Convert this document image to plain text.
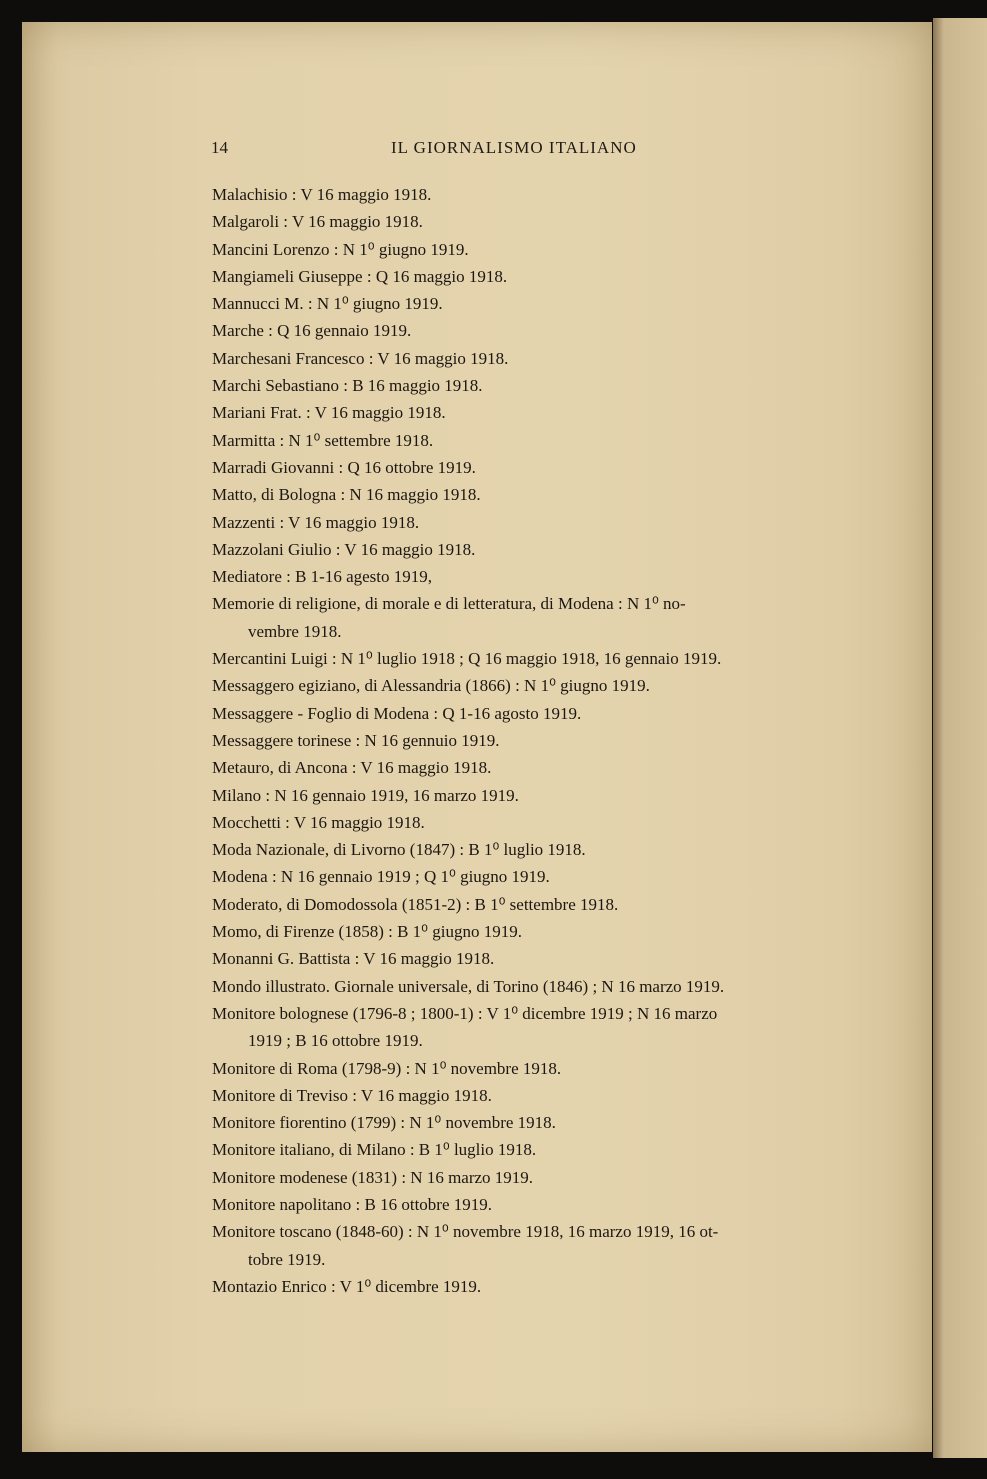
14	IL GIORNALISMO ITALIANO

Malachisio : V 16 maggio 1918.

Malgaroli : V 16 maggio 1918.

Mancini Lorenzo : N 1⁰ giugno 1919.

Mangiameli Giuseppe : Q 16 maggio 1918.

Mannucci M. : N 1⁰ giugno 1919.

Marche : Q 16 gennaio 1919.

Marchesani Francesco : V 16 maggio 1918.

Marchi Sebastiano : B 16 maggio 1918.

Mariani Frat. : V 16 maggio 1918.

Marmitta : N 1⁰ settembre 1918.

Marradi Giovanni : Q 16 ottobre 1919.

Matto, di Bologna : N 16 maggio 1918.

Mazzenti : V 16 maggio 1918.

Mazzolani Giulio : V 16 maggio 1918.

Mediatore : B 1-16 agesto 1919,

Memorie di religione, di morale e di letteratura, di Modena : N 1⁰ no-

vembre 1918.

Mercantini Luigi : N 1⁰ luglio 1918 ; Q 16 maggio 1918, 16 gennaio 1919.

Messaggero egiziano, di Alessandria (1866) : N 1⁰ giugno 1919.

Messaggere - Foglio di Modena : Q 1-16 agosto 1919.

Messaggere torinese : N 16 gennuio 1919.

Metauro, di Ancona : V 16 maggio 1918.

Milano : N 16 gennaio 1919, 16 marzo 1919.

Mocchetti : V 16 maggio 1918.

Moda Nazionale, di Livorno (1847) : B 1⁰ luglio 1918.

Modena : N 16 gennaio 1919 ; Q 1⁰ giugno 1919.

Moderato, di Domodossola (1851-2) : B 1⁰ settembre 1918.

Momo, di Firenze (1858) : B 1⁰ giugno 1919.

Monanni G. Battista : V 16 maggio 1918.

Mondo illustrato. Giornale universale, di Torino (1846) ; N 16 marzo 1919.

Monitore bolognese (1796-8 ; 1800-1) : V 1⁰ dicembre 1919 ; N 16 marzo

1919 ; B 16 ottobre 1919.

Monitore di Roma (1798-9) : N 1⁰ novembre 1918.

Monitore di Treviso : V 16 maggio 1918.

Monitore fiorentino (1799) : N 1⁰ novembre 1918.

Monitore italiano, di Milano : B 1⁰ luglio 1918.

Monitore modenese (1831) : N 16 marzo 1919.

Monitore napolitano : B 16 ottobre 1919.

Monitore toscano (1848-60) : N 1⁰ novembre 1918, 16 marzo 1919, 16 ot-

tobre 1919.

Montazio Enrico : V 1⁰ dicembre 1919.
